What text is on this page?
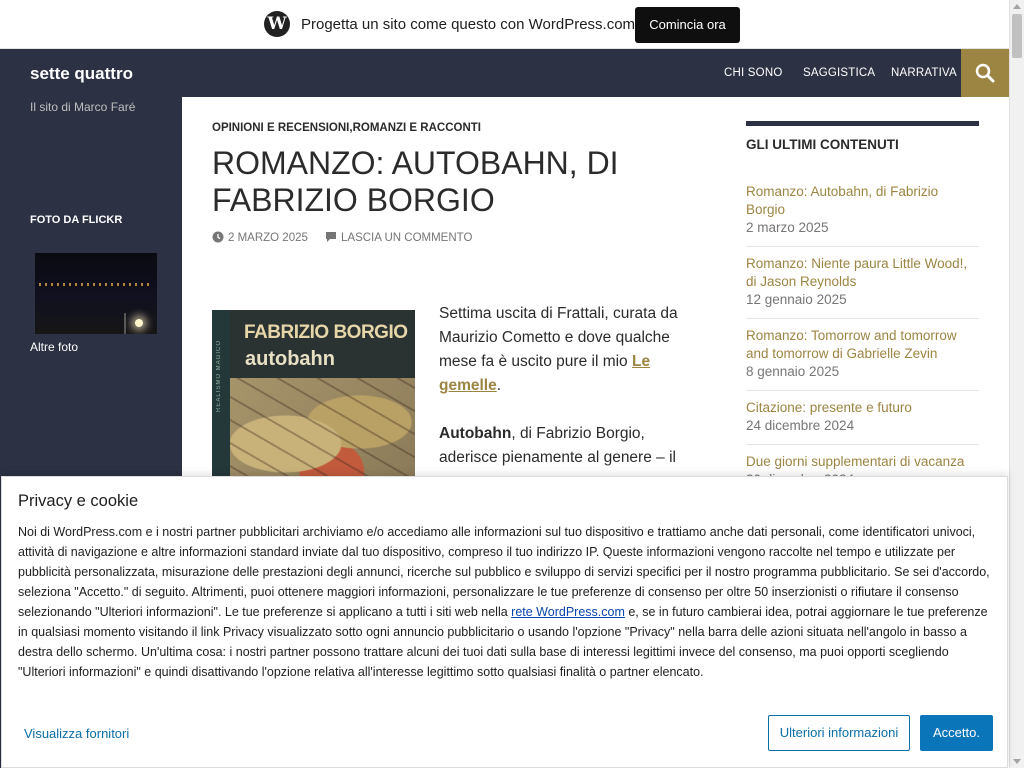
W Progetta un sito come questo con WordPress.com	Comincia ora
sette quattro	CHI SONO SAGGISTICA NARRATIVA
Il sito di Marco Faré
FOTO DA FLICKR
Altre foto
OPINIONI E RECENSIONI,ROMANZI E RACCONTI
ROMANZO: AUTOBAHN, DI FABRIZIO BORGIO
2 MARZO 2025	LASCIA UN COMMENTO
REALISMO MAGICO
FABRIZIO BORGIO
autobahn

Settima uscita di Frattali, curata da Maurizio Cometto e dove qualche mese fa è uscito pure il mio Le gemelle.

Autobahn, di Fabrizio Borgio, aderisce pienamente al genere – il

GLI ULTIMI CONTENUTI
Romanzo: Autobahn, di Fabrizio Borgio
2 marzo 2025
Romanzo: Niente paura Little Wood!, di Jason Reynolds
12 gennaio 2025
Romanzo: Tomorrow and tomorrow and tomorrow di Gabrielle Zevin
8 gennaio 2025
Citazione: presente e futuro
24 dicembre 2024
Due giorni supplementari di vacanza
Privacy e cookie
Noi di WordPress.com e i nostri partner pubblicitari archiviamo e/o accediamo alle informazioni sul tuo dispositivo e trattiamo anche dati personali, come identificatori univoci, attività di navigazione e altre informazioni standard inviate dal tuo dispositivo, compreso il tuo indirizzo IP. Queste informazioni vengono raccolte nel tempo e utilizzate per pubblicità personalizzata, misurazione delle prestazioni degli annunci, ricerche sul pubblico e sviluppo di servizi specifici per il nostro programma pubblicitario. Se sei d'accordo, seleziona "Accetto." di seguito. Altrimenti, puoi ottenere maggiori informazioni, personalizzare le tue preferenze di consenso per oltre 50 inserzionisti o rifiutare il consenso selezionando "Ulteriori informazioni". Le tue preferenze si applicano a tutti i siti web nella rete WordPress.com e, se in futuro cambierai idea, potrai aggiornare le tue preferenze in qualsiasi momento visitando il link Privacy visualizzato sotto ogni annuncio pubblicitario o usando l'opzione "Privacy" nella barra delle azioni situata nell'angolo in basso a destra dello schermo. Un'ultima cosa: i nostri partner possono trattare alcuni dei tuoi dati sulla base di interessi legittimi invece del consenso, ma puoi opporti scegliendo "Ulteriori informazioni" e quindi disattivando l'opzione relativa all'interesse legittimo sotto qualsiasi finalità o partner elencato.
Visualizza fornitori	Ulteriori informazioni	Accetto.
